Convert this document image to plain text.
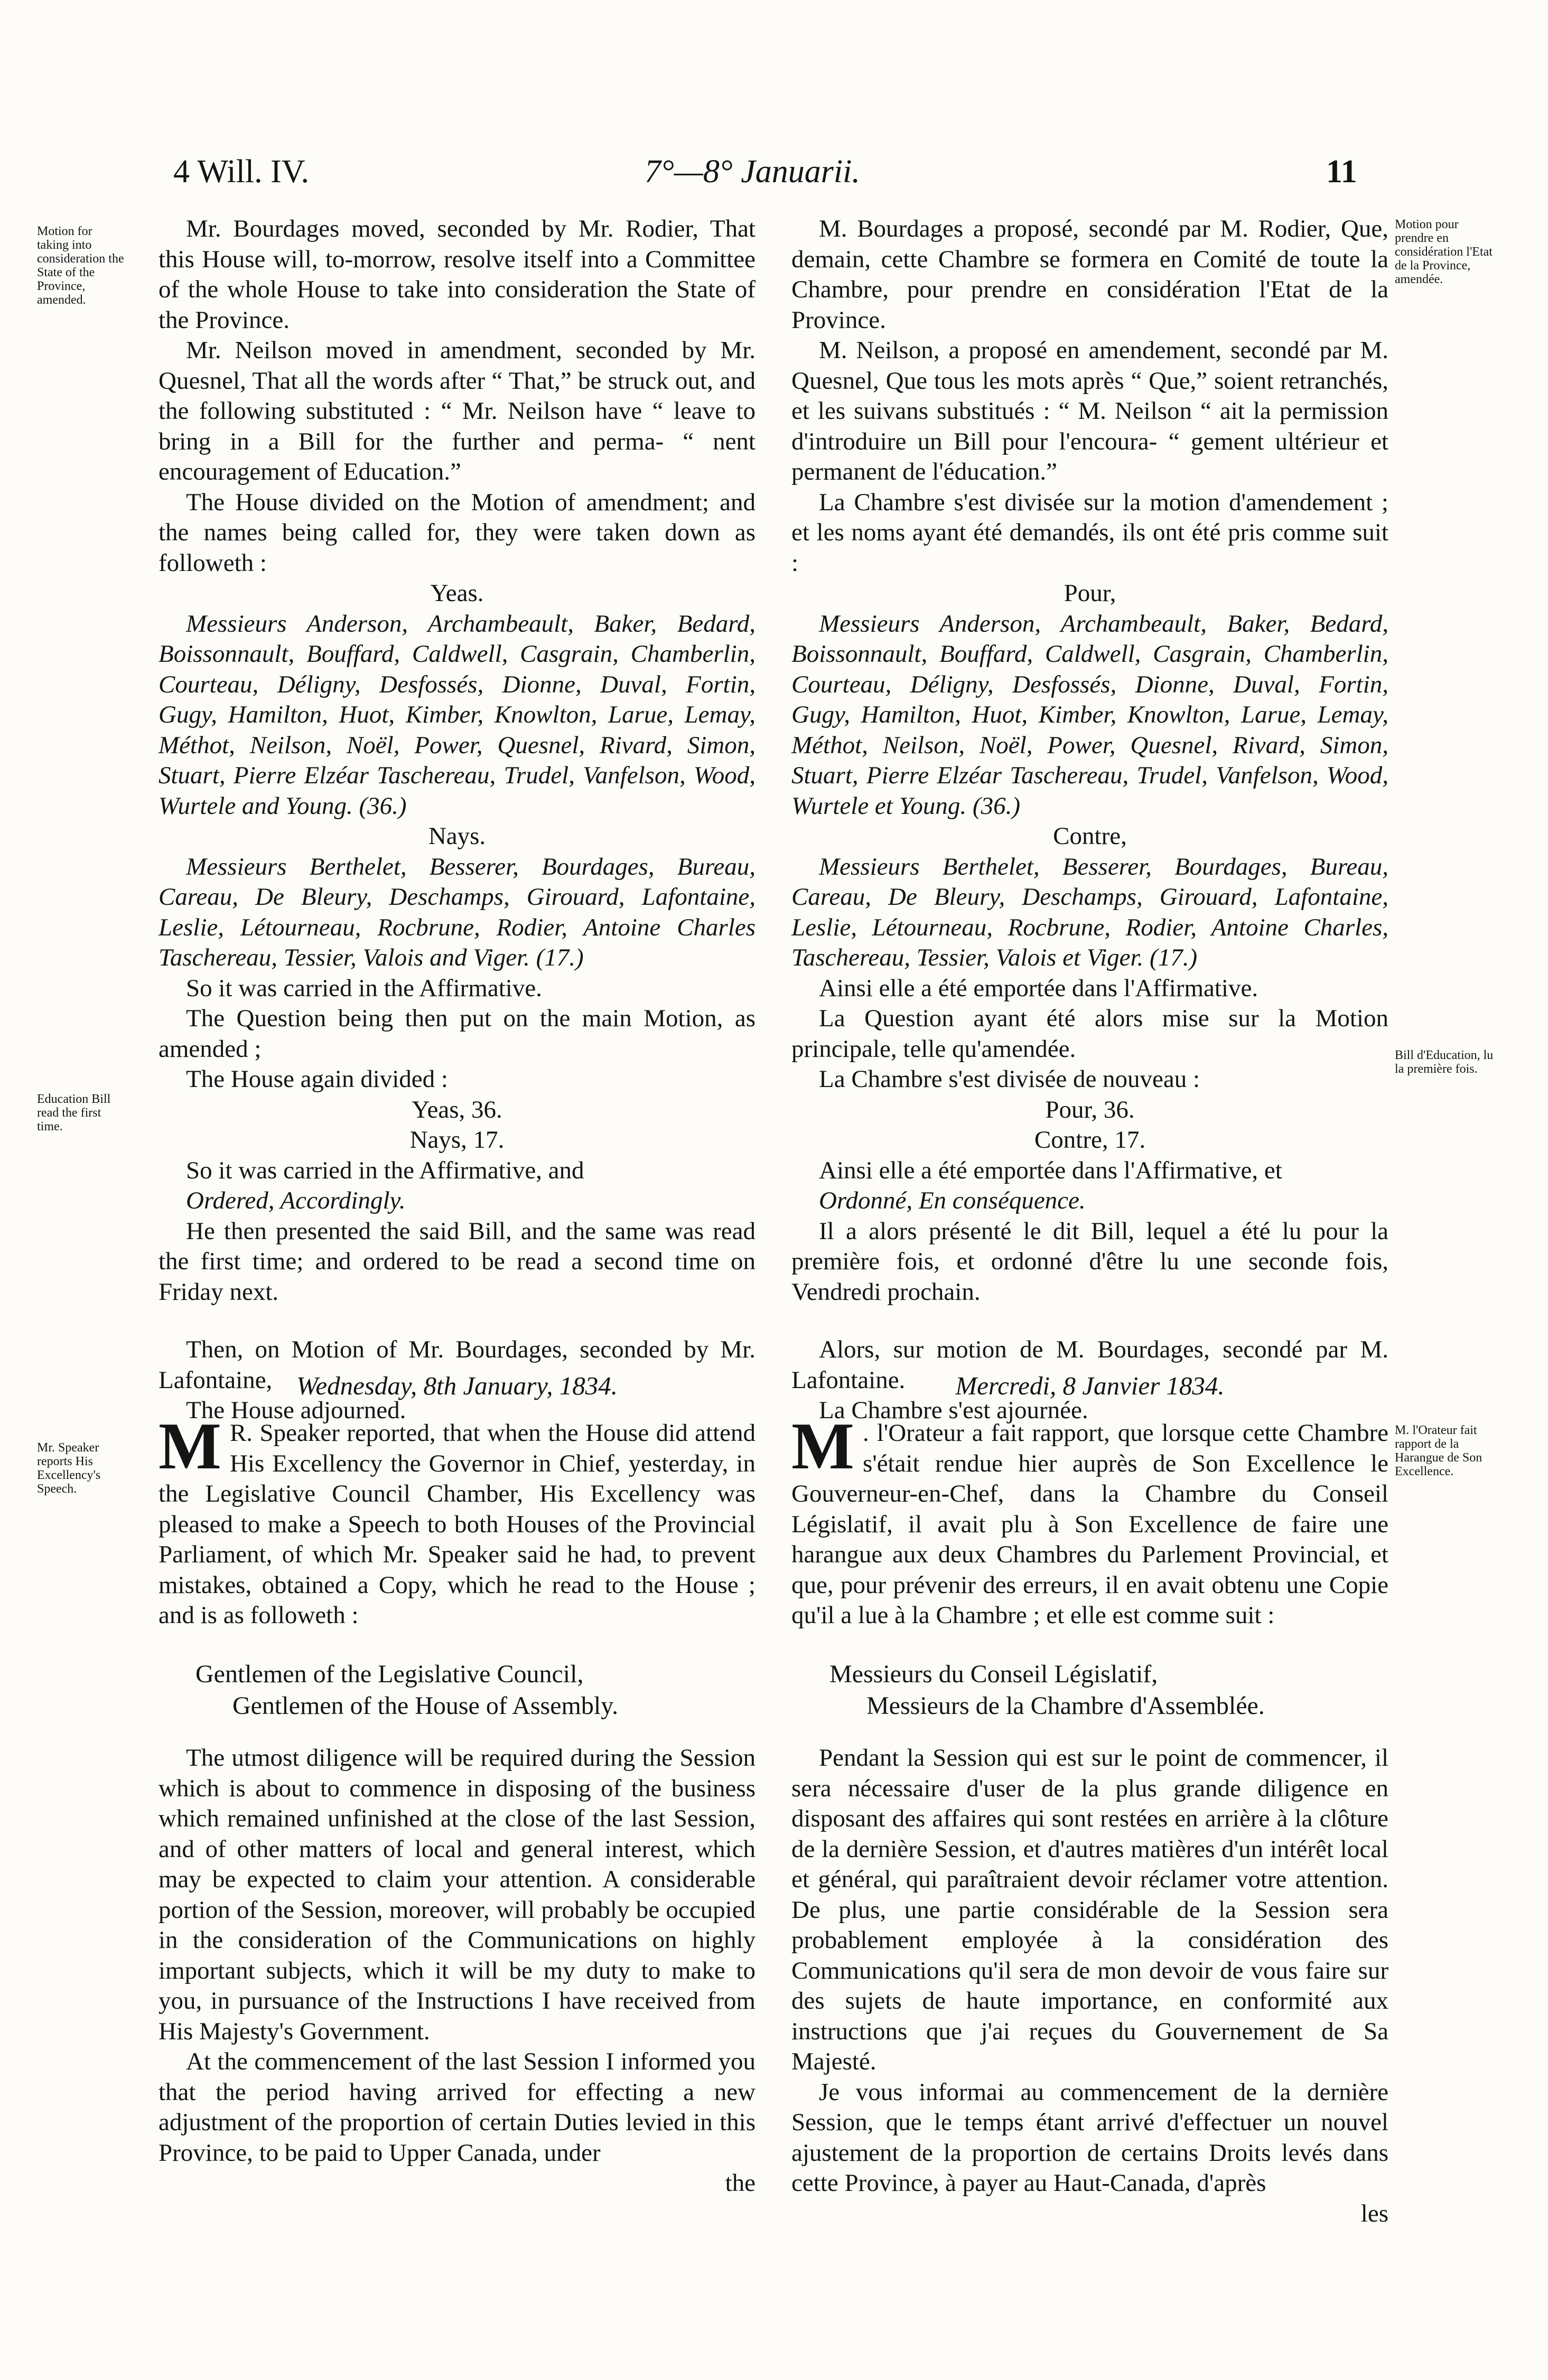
4 Will. IV.	7°—8° Januarii.	11
Motion for taking into consideration the State of the Province, amended.
Motion pour prendre en considération l'Etat de la Province, amendée.
Education Bill read the first time.
Bill d'Education, lu la première fois.
Mr. Speaker reports His Excellency's Speech.
M. l'Orateur fait rapport de la Harangue de Son Excellence.

Mr. Bourdages moved, seconded by Mr. Rodier, That this House will, to-morrow, resolve itself into a Committee of the whole House to take into consideration the State of the Province.

Mr. Neilson moved in amendment, seconded by Mr. Quesnel, That all the words after “ That,” be struck out, and the following substituted : “ Mr. Neilson have “ leave to bring in a Bill for the further and perma- “ nent encouragement of Education.”

The House divided on the Motion of amendment; and the names being called for, they were taken down as followeth :

Yeas.

Messieurs Anderson, Archambeault, Baker, Bedard, Boissonnault, Bouffard, Caldwell, Casgrain, Chamberlin, Courteau, Déligny, Desfossés, Dionne, Duval, Fortin, Gugy, Hamilton, Huot, Kimber, Knowlton, Larue, Lemay, Méthot, Neilson, Noël, Power, Quesnel, Rivard, Simon, Stuart, Pierre Elzéar Taschereau, Trudel, Vanfelson, Wood, Wurtele and Young. (36.)

Nays.

Messieurs Berthelet, Besserer, Bourdages, Bureau, Careau, De Bleury, Deschamps, Girouard, Lafontaine, Leslie, Létourneau, Rocbrune, Rodier, Antoine Charles Taschereau, Tessier, Valois and Viger. (17.)

So it was carried in the Affirmative.

The Question being then put on the main Motion, as amended ;

The House again divided :

Yeas, 36.

Nays, 17.

So it was carried in the Affirmative, and

Ordered, Accordingly.

He then presented the said Bill, and the same was read the first time; and ordered to be read a second time on Friday next.

Then, on Motion of Mr. Bourdages, seconded by Mr. Lafontaine,

The House adjourned.

M. Bourdages a proposé, secondé par M. Rodier, Que, demain, cette Chambre se formera en Comité de toute la Chambre, pour prendre en considération l'Etat de la Province.

M. Neilson, a proposé en amendement, secondé par M. Quesnel, Que tous les mots après “ Que,” soient retranchés, et les suivans substitués : “ M. Neilson “ ait la permission d'introduire un Bill pour l'encoura- “ gement ultérieur et permanent de l'éducation.”

La Chambre s'est divisée sur la motion d'amendement ; et les noms ayant été demandés, ils ont été pris comme suit :

Pour,

Messieurs Anderson, Archambeault, Baker, Bedard, Boissonnault, Bouffard, Caldwell, Casgrain, Chamberlin, Courteau, Déligny, Desfossés, Dionne, Duval, Fortin, Gugy, Hamilton, Huot, Kimber, Knowlton, Larue, Lemay, Méthot, Neilson, Noël, Power, Quesnel, Rivard, Simon, Stuart, Pierre Elzéar Taschereau, Trudel, Vanfelson, Wood, Wurtele et Young. (36.)

Contre,

Messieurs Berthelet, Besserer, Bourdages, Bureau, Careau, De Bleury, Deschamps, Girouard, Lafontaine, Leslie, Létourneau, Rocbrune, Rodier, Antoine Charles, Taschereau, Tessier, Valois et Viger. (17.)

Ainsi elle a été emportée dans l'Affirmative.

La Question ayant été alors mise sur la Motion principale, telle qu'amendée.

La Chambre s'est divisée de nouveau :

Pour, 36.

Contre, 17.

Ainsi elle a été emportée dans l'Affirmative, et

Ordonné, En conséquence.

Il a alors présenté le dit Bill, lequel a été lu pour la première fois, et ordonné d'être lu une seconde fois, Vendredi prochain.

Alors, sur motion de M. Bourdages, secondé par M. Lafontaine.

La Chambre s'est ajournée.

Wednesday, 8th January, 1834.	Mercredi, 8 Janvier 1834.

M R. Speaker reported, that when the House did attend His Excellency the Governor in Chief, yesterday, in the Legislative Council Chamber, His Excellency was pleased to make a Speech to both Houses of the Provincial Parliament, of which Mr. Speaker said he had, to prevent mistakes, obtained a Copy, which he read to the House ; and is as followeth :

Gentlemen of the Legislative Council,
Gentlemen of the House of Assembly.

The utmost diligence will be required during the Session which is about to commence in disposing of the business which remained unfinished at the close of the last Session, and of other matters of local and general interest, which may be expected to claim your attention. A considerable portion of the Session, moreover, will probably be occupied in the consideration of the Communications on highly important subjects, which it will be my duty to make to you, in pursuance of the Instructions I have received from His Majesty's Government.

At the commencement of the last Session I informed you that the period having arrived for effecting a new adjustment of the proportion of certain Duties levied in this Province, to be paid to Upper Canada, under

the

M . l'Orateur a fait rapport, que lorsque cette Chambre s'était rendue hier auprès de Son Excellence le Gouverneur-en-Chef, dans la Chambre du Conseil Législatif, il avait plu à Son Excellence de faire une harangue aux deux Chambres du Parlement Provincial, et que, pour prévenir des erreurs, il en avait obtenu une Copie qu'il a lue à la Chambre ; et elle est comme suit :

Messieurs du Conseil Législatif,
Messieurs de la Chambre d'Assemblée.

Pendant la Session qui est sur le point de commencer, il sera nécessaire d'user de la plus grande diligence en disposant des affaires qui sont restées en arrière à la clôture de la dernière Session, et d'autres matières d'un intérêt local et général, qui paraîtraient devoir réclamer votre attention. De plus, une partie considérable de la Session sera probablement employée à la considération des Communications qu'il sera de mon devoir de vous faire sur des sujets de haute importance, en conformité aux instructions que j'ai reçues du Gouvernement de Sa Majesté.

Je vous informai au commencement de la dernière Session, que le temps étant arrivé d'effectuer un nouvel ajustement de la proportion de certains Droits levés dans cette Province, à payer au Haut-Canada, d'après

les
